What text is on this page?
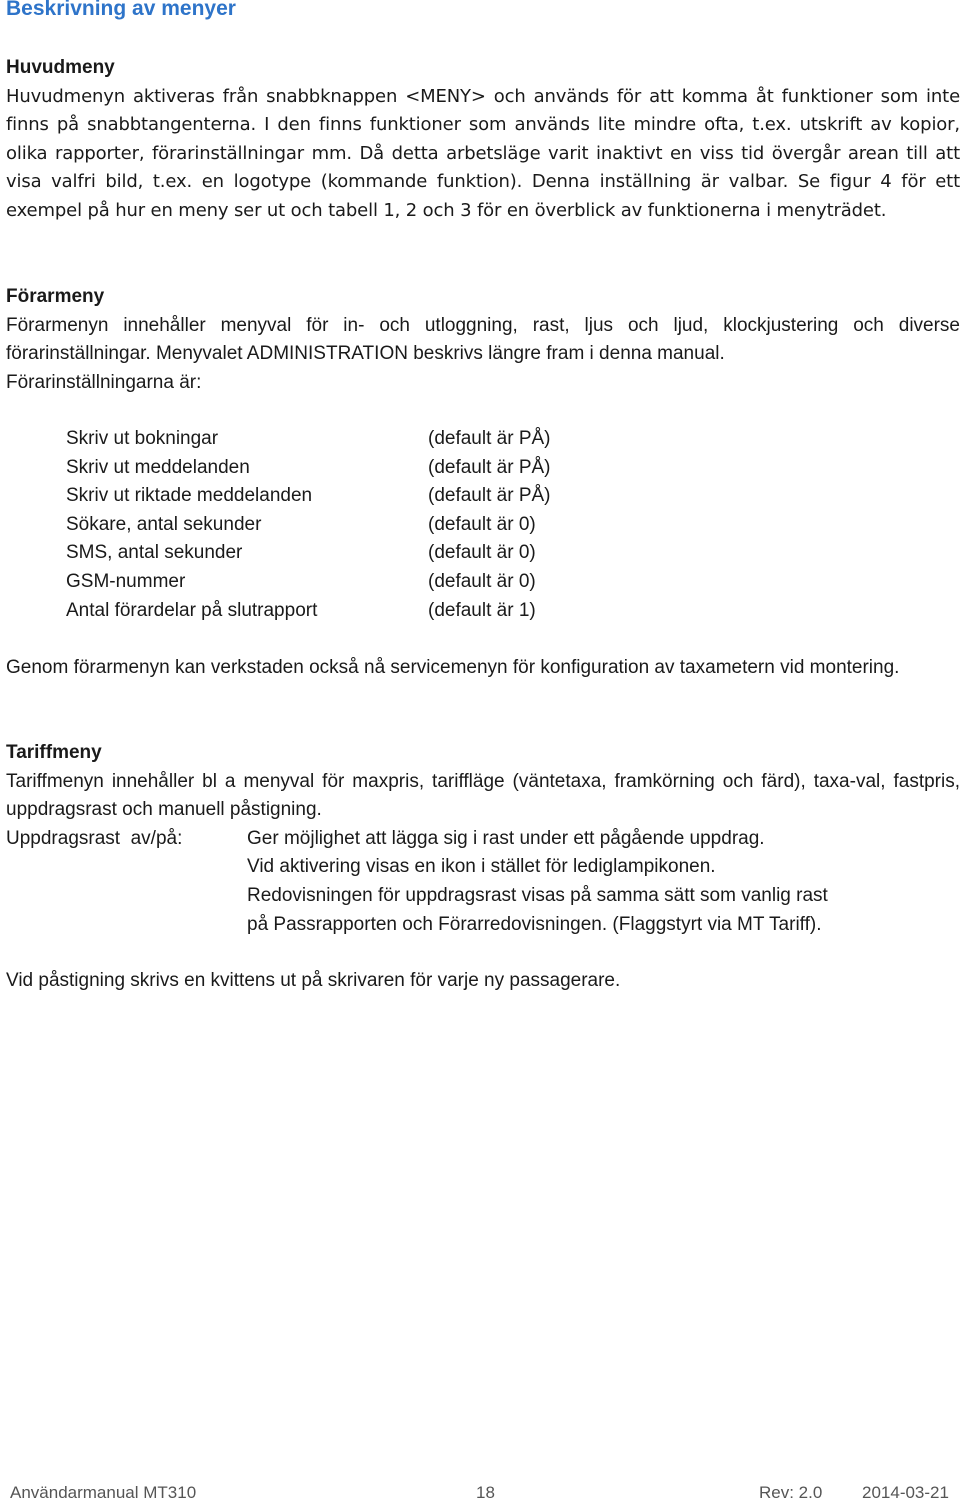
Beskrivning av menyer

Huvudmeny

Huvudmenyn aktiveras från snabbknappen <MENY> och används för att komma åt funktioner som inte finns på snabbtangenterna. I den finns funktioner som används lite mindre ofta, t.ex. utskrift av kopior, olika rapporter, förarinställningar mm. Då detta arbetsläge varit inaktivt en viss tid övergår arean till att visa valfri bild, t.ex. en logotype (kommande funktion). Denna inställning är valbar. Se figur 4 för ett exempel på hur en meny ser ut och tabell 1, 2 och 3 för en överblick av funktionerna i menyträdet.

Förarmeny

Förarmenyn innehåller menyval för in- och utloggning, rast, ljus och ljud, klockjustering och diverse förarinställningar. Menyvalet ADMINISTRATION beskrivs längre fram i denna manual.

Förarinställningarna är:

Skriv ut bokningar	(default är PÅ)
Skriv ut meddelanden	(default är PÅ)
Skriv ut riktade meddelanden	(default är PÅ)
Sökare, antal sekunder	(default är 0)
SMS, antal sekunder	(default är 0)
GSM-nummer	(default är 0)
Antal förardelar på slutrapport	(default är 1)

Genom förarmenyn kan verkstaden också nå servicemenyn för konfiguration av taxametern vid montering.

Tariffmeny

Tariffmenyn innehåller bl a menyval för maxpris, tariffläge (väntetaxa, framkörning och färd), taxa-val, fastpris, uppdragsrast och manuell påstigning.

Uppdragsrast  av/på:	Ger möjlighet att lägga sig i rast under ett pågående uppdrag.
Vid aktivering visas en ikon i stället för lediglampikonen.
Redovisningen för uppdragsrast visas på samma sätt som vanlig rast
på Passrapporten och Förarredovisningen. (Flaggstyrt via MT Tariff).

Vid påstigning skrivs en kvittens ut på skrivaren för varje ny passagerare.

Användarmanual MT310	18	Rev: 2.0 2014-03-21
